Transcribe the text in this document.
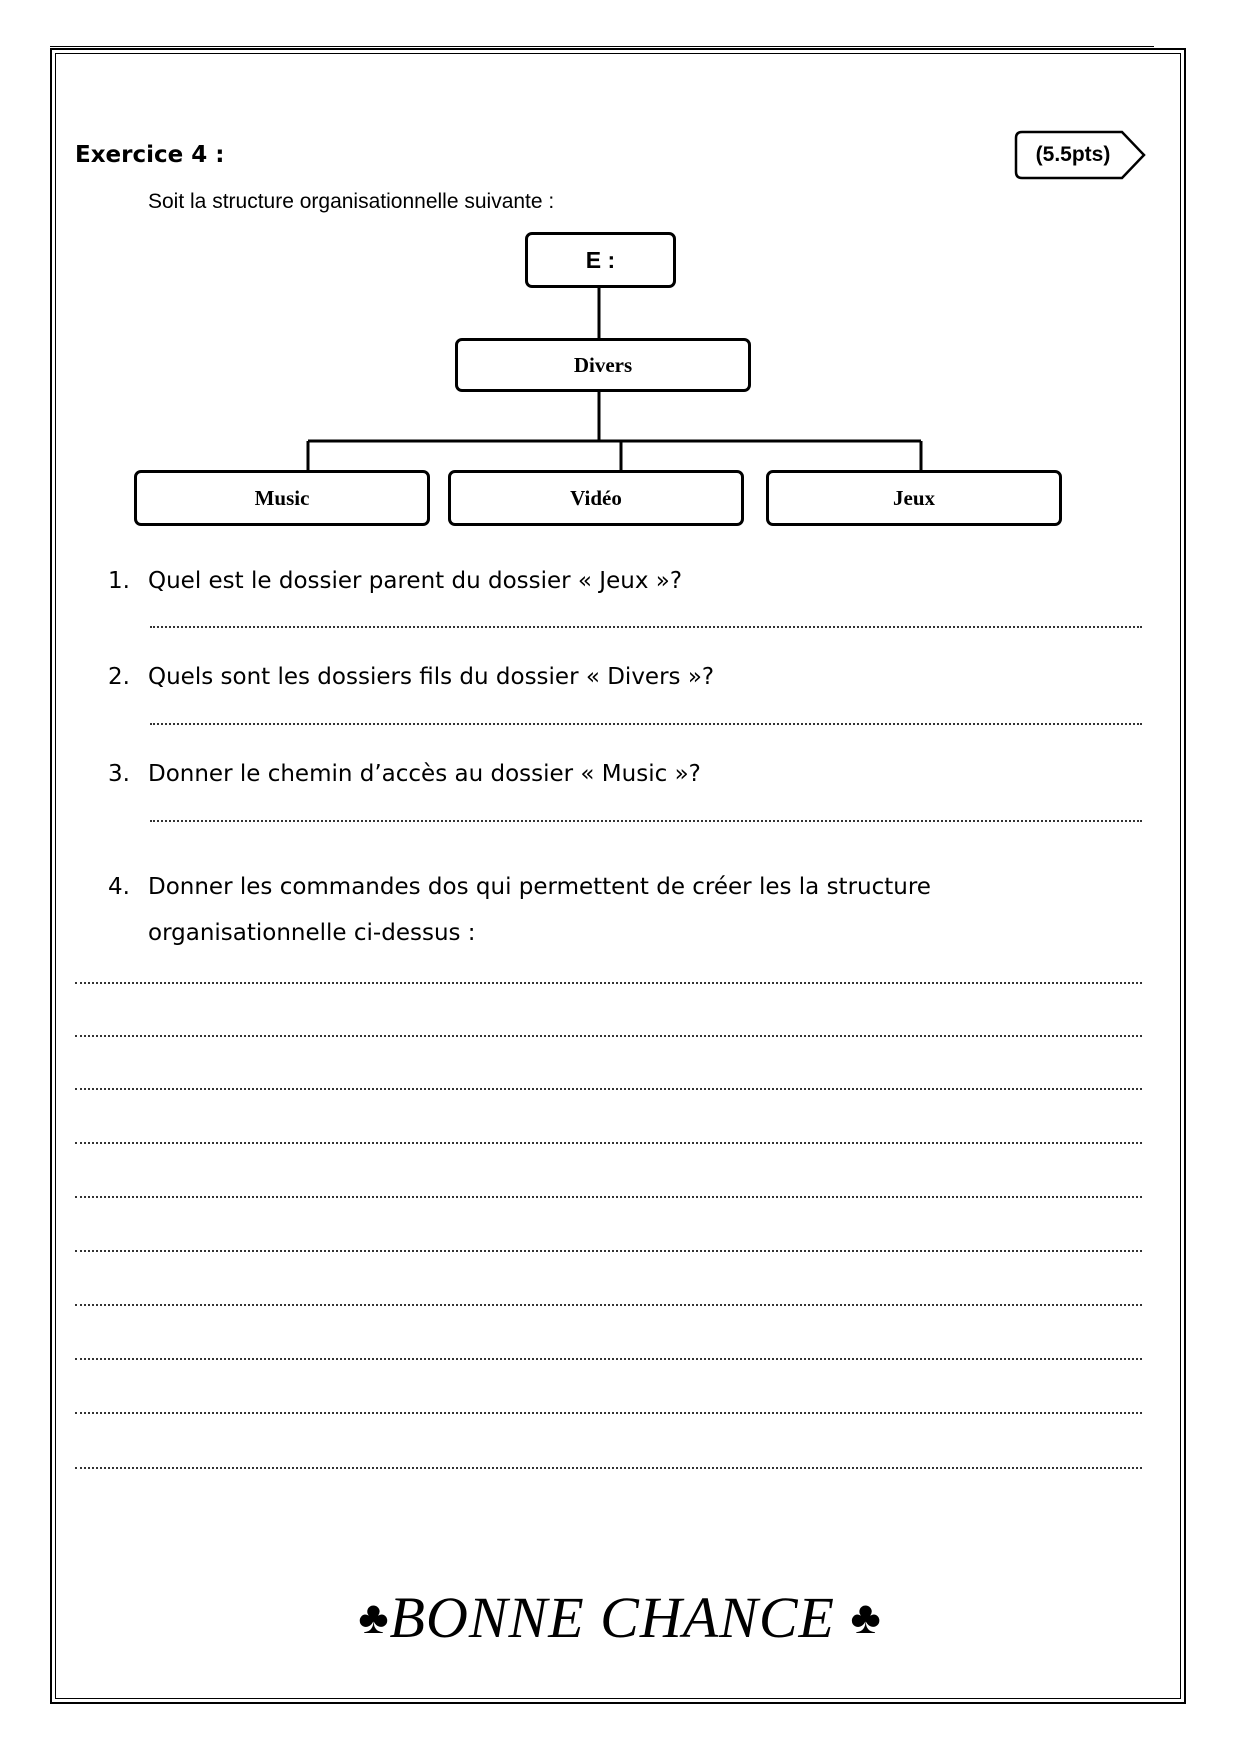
Exercice 4 :	(5.5pts)
Soit la structure organisationnelle suivante :
E :
Divers
Music	Vidéo	Jeux
1. Quel est le dossier parent du dossier « Jeux »?
2. Quels sont les dossiers fils du dossier « Divers »?
3. Donner le chemin d’accès au dossier « Music »?
4. Donner les commandes dos qui permettent de créer les la structure
organisationnelle ci-dessus :
♣BONNE CHANCE ♣
